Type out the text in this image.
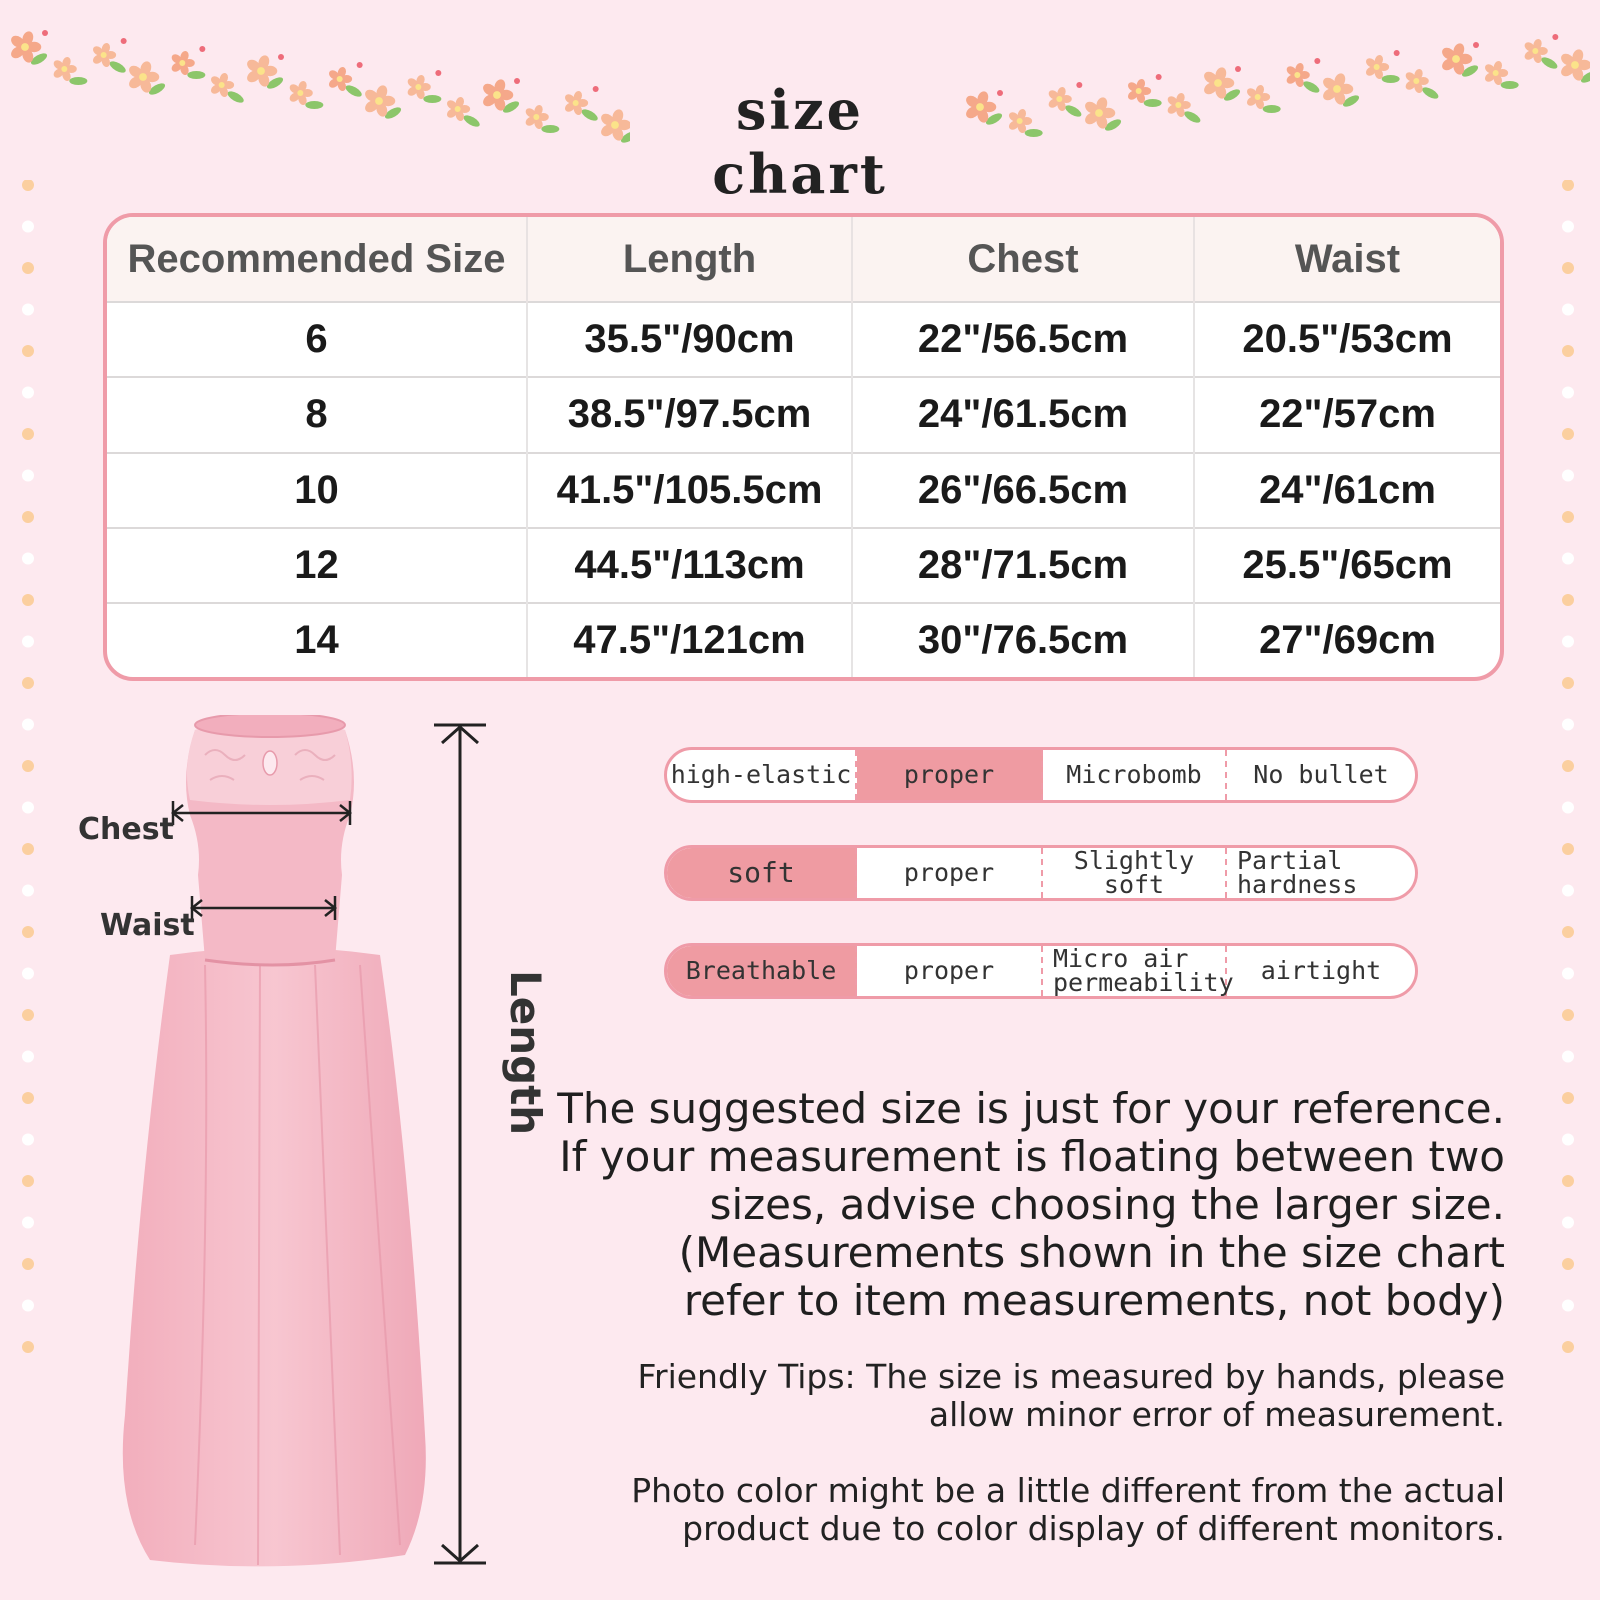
size chart
Recommended Size	Length	Chest	Waist
6	35.5"/90cm	22"/56.5cm	20.5"/53cm
8	38.5"/97.5cm	24"/61.5cm	22"/57cm
10	41.5"/105.5cm	26"/66.5cm	24"/61cm
12	44.5"/113cm	28"/71.5cm	25.5"/65cm
14	47.5"/121cm	30"/76.5cm	27"/69cm
Chest
Waist
Length
high-elastic	proper	Microbomb	No bullet
soft	proper	Slightly soft
Partial hardness
Breathable	proper	Micro air permeability	airtight
The suggested size is just for your reference.
If your measurement is floating between two
sizes, advise choosing the larger size.
(Measurements shown in the size chart
refer to item measurements, not body)
Friendly Tips: The size is measured by hands, please
allow minor error of measurement.
Photo color might be a little different from the actual
product due to color display of different monitors.
